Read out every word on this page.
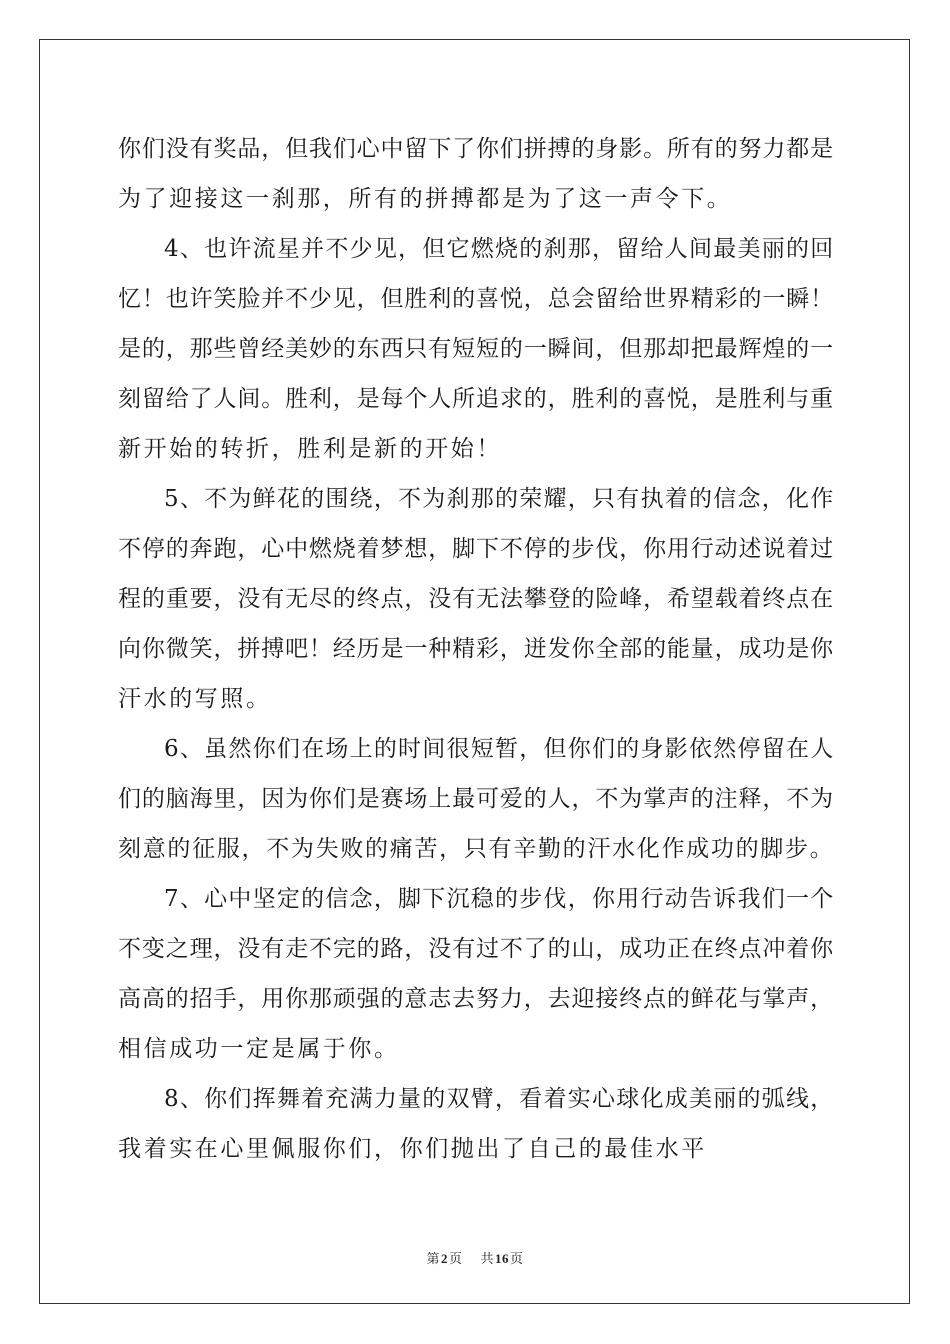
你们没有奖品，但我们心中留下了你们拼搏的身影。所有的努力都是
为了迎接这一刹那，所有的拼搏都是为了这一声令下。
4、也许流星并不少见，但它燃烧的刹那，留给人间最美丽的回
忆！也许笑脸并不少见，但胜利的喜悦，总会留给世界精彩的一瞬！
是的，那些曾经美妙的东西只有短短的一瞬间，但那却把最辉煌的一
刻留给了人间。胜利，是每个人所追求的，胜利的喜悦，是胜利与重
新开始的转折，胜利是新的开始！
5、不为鲜花的围绕，不为刹那的荣耀，只有执着的信念，化作
不停的奔跑，心中燃烧着梦想，脚下不停的步伐，你用行动述说着过
程的重要，没有无尽的终点，没有无法攀登的险峰，希望载着终点在
向你微笑，拼搏吧！经历是一种精彩，迸发你全部的能量，成功是你
汗水的写照。
6、虽然你们在场上的时间很短暂，但你们的身影依然停留在人
们的脑海里，因为你们是赛场上最可爱的人，不为掌声的注释，不为
刻意的征服，不为失败的痛苦，只有辛勤的汗水化作成功的脚步。
7、心中坚定的信念，脚下沉稳的步伐，你用行动告诉我们一个
不变之理，没有走不完的路，没有过不了的山，成功正在终点冲着你
高高的招手，用你那顽强的意志去努力，去迎接终点的鲜花与掌声，
相信成功一定是属于你。
8、你们挥舞着充满力量的双臂，看着实心球化成美丽的弧线，
我着实在心里佩服你们，你们抛出了自己的最佳水平
第2页 共16页
